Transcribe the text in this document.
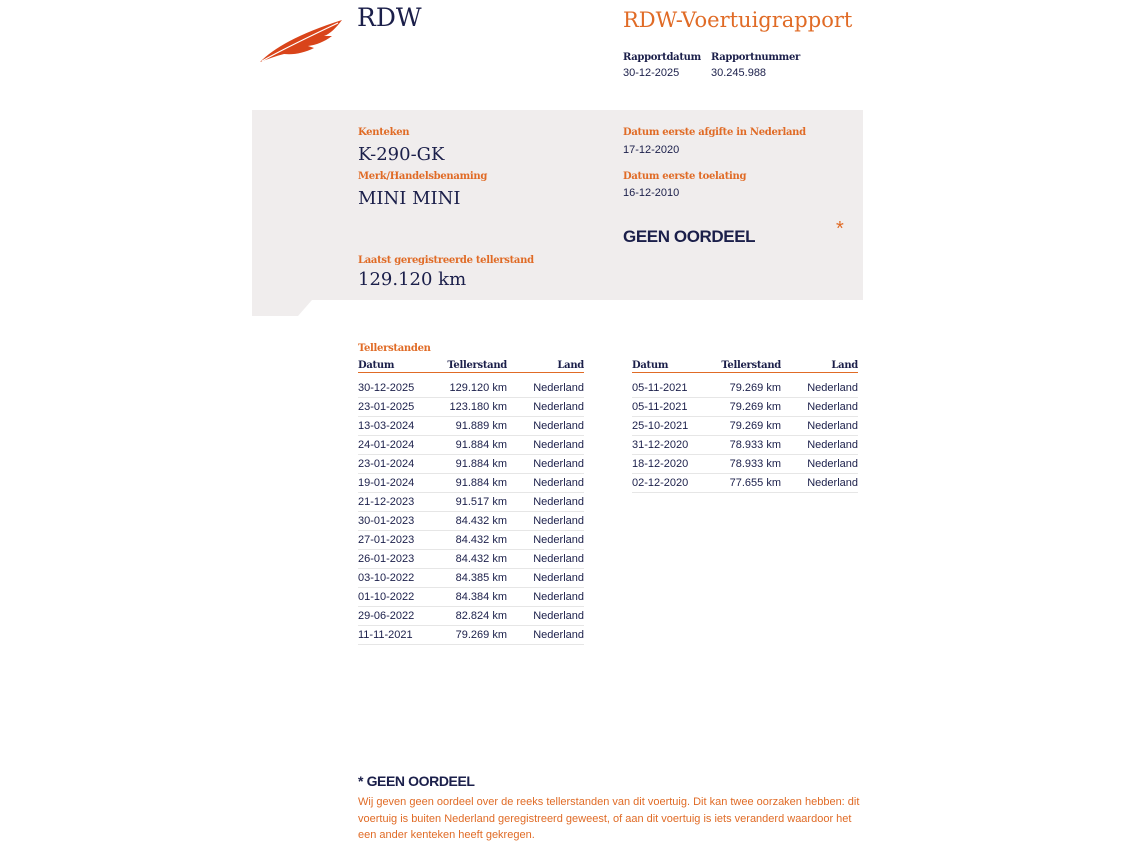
RDW	RDW-Voertuigrapport
Rapportdatum
30-12-2025
Rapportnummer
30.245.988
Kenteken
K-290-GK
Merk/Handelsbenaming
MINI MINI
Laatst geregistreerde tellerstand
129.120 km
Datum eerste afgifte in Nederland
17-12-2020
Datum eerste toelating
16-12-2010
GEEN OORDEEL	*
Tellerstanden
Datum	Tellerstand	Land
30-12-2025	129.120 km	Nederland
23-01-2025	123.180 km	Nederland
13-03-2024	91.889 km	Nederland
24-01-2024	91.884 km	Nederland
23-01-2024	91.884 km	Nederland
19-01-2024	91.884 km	Nederland
21-12-2023	91.517 km	Nederland
30-01-2023	84.432 km	Nederland
27-01-2023	84.432 km	Nederland
26-01-2023	84.432 km	Nederland
03-10-2022	84.385 km	Nederland
01-10-2022	84.384 km	Nederland
29-06-2022	82.824 km	Nederland
11-11-2021	79.269 km	Nederland
Datum	Tellerstand	Land
05-11-2021	79.269 km	Nederland
05-11-2021	79.269 km	Nederland
25-10-2021	79.269 km	Nederland
31-12-2020	78.933 km	Nederland
18-12-2020	78.933 km	Nederland
02-12-2020	77.655 km	Nederland
* GEEN OORDEEL
Wij geven geen oordeel over de reeks tellerstanden van dit voertuig. Dit kan twee oorzaken hebben: dit voertuig is buiten Nederland geregistreerd geweest, of aan dit voertuig is iets veranderd waardoor het een ander kenteken heeft gekregen.
